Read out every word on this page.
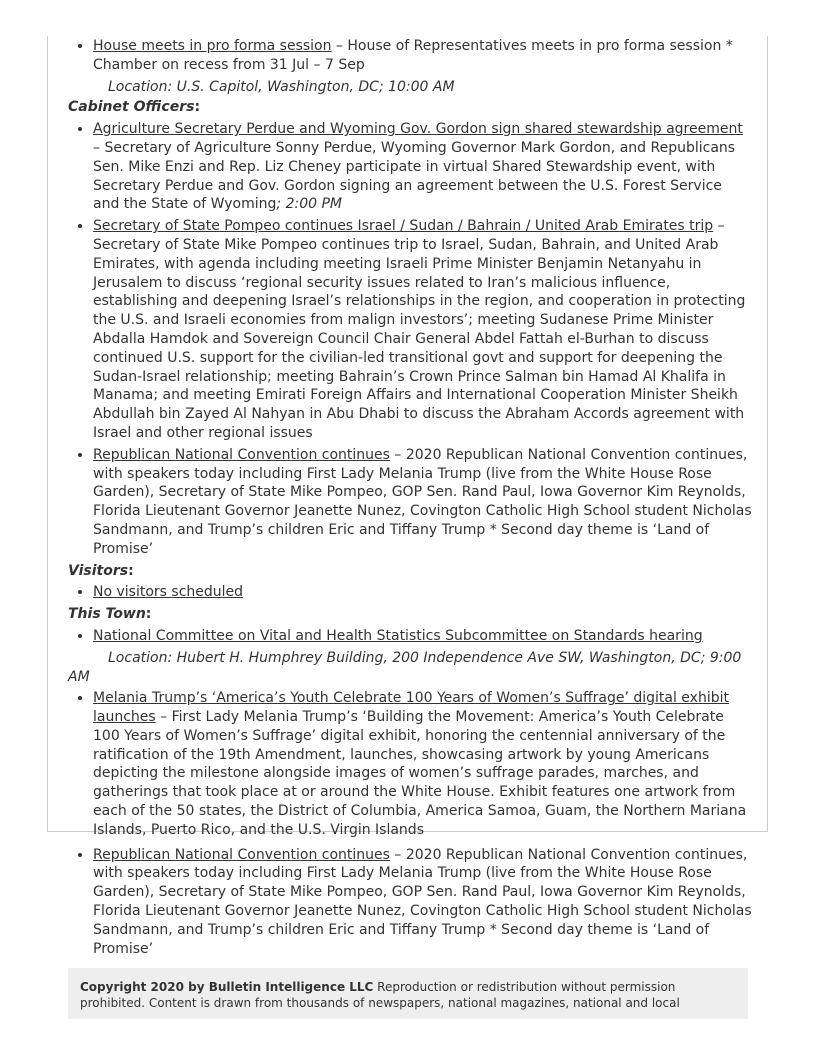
• House meets in pro forma session – House of Representatives meets in pro forma session * Chamber on recess from 31 Jul – 7 Sep
Location: U.S. Capitol, Washington, DC; 10:00 AM
Cabinet Officers:
• Agriculture Secretary Perdue and Wyoming Gov. Gordon sign shared stewardship agreement – Secretary of Agriculture Sonny Perdue, Wyoming Governor Mark Gordon, and Republicans Sen. Mike Enzi and Rep. Liz Cheney participate in virtual Shared Stewardship event, with Secretary Perdue and Gov. Gordon signing an agreement between the U.S. Forest Service and the State of Wyoming; 2:00 PM
• Secretary of State Pompeo continues Israel / Sudan / Bahrain / United Arab Emirates trip – Secretary of State Mike Pompeo continues trip to Israel, Sudan, Bahrain, and United Arab Emirates, with agenda including meeting Israeli Prime Minister Benjamin Netanyahu in Jerusalem to discuss ‘regional security issues related to Iran’s malicious influence, establishing and deepening Israel’s relationships in the region, and cooperation in protecting the U.S. and Israeli economies from malign investors’; meeting Sudanese Prime Minister Abdalla Hamdok and Sovereign Council Chair General Abdel Fattah el-Burhan to discuss continued U.S. support for the civilian-led transitional govt and support for deepening the Sudan-Israel relationship; meeting Bahrain’s Crown Prince Salman bin Hamad Al Khalifa in Manama; and meeting Emirati Foreign Affairs and International Cooperation Minister Sheikh Abdullah bin Zayed Al Nahyan in Abu Dhabi to discuss the Abraham Accords agreement with Israel and other regional issues
• Republican National Convention continues – 2020 Republican National Convention continues, with speakers today including First Lady Melania Trump (live from the White House Rose Garden), Secretary of State Mike Pompeo, GOP Sen. Rand Paul, Iowa Governor Kim Reynolds, Florida Lieutenant Governor Jeanette Nunez, Covington Catholic High School student Nicholas Sandmann, and Trump’s children Eric and Tiffany Trump * Second day theme is ‘Land of Promise’
Visitors:
• No visitors scheduled
This Town:
• National Committee on Vital and Health Statistics Subcommittee on Standards hearing
Location: Hubert H. Humphrey Building, 200 Independence Ave SW, Washington, DC; 9:00 AM
• Melania Trump’s ‘America’s Youth Celebrate 100 Years of Women’s Suffrage’ digital exhibit launches – First Lady Melania Trump’s ‘Building the Movement: America’s Youth Celebrate 100 Years of Women’s Suffrage’ digital exhibit, honoring the centennial anniversary of the ratification of the 19th Amendment, launches, showcasing artwork by young Americans depicting the milestone alongside images of women’s suffrage parades, marches, and gatherings that took place at or around the White House. Exhibit features one artwork from each of the 50 states, the District of Columbia, America Samoa, Guam, the Northern Mariana Islands, Puerto Rico, and the U.S. Virgin Islands
• Republican National Convention continues – 2020 Republican National Convention continues, with speakers today including First Lady Melania Trump (live from the White House Rose Garden), Secretary of State Mike Pompeo, GOP Sen. Rand Paul, Iowa Governor Kim Reynolds, Florida Lieutenant Governor Jeanette Nunez, Covington Catholic High School student Nicholas Sandmann, and Trump’s children Eric and Tiffany Trump * Second day theme is ‘Land of Promise’
Copyright 2020 by Bulletin Intelligence LLC Reproduction or redistribution without permission prohibited. Content is drawn from thousands of newspapers, national magazines, national and local
